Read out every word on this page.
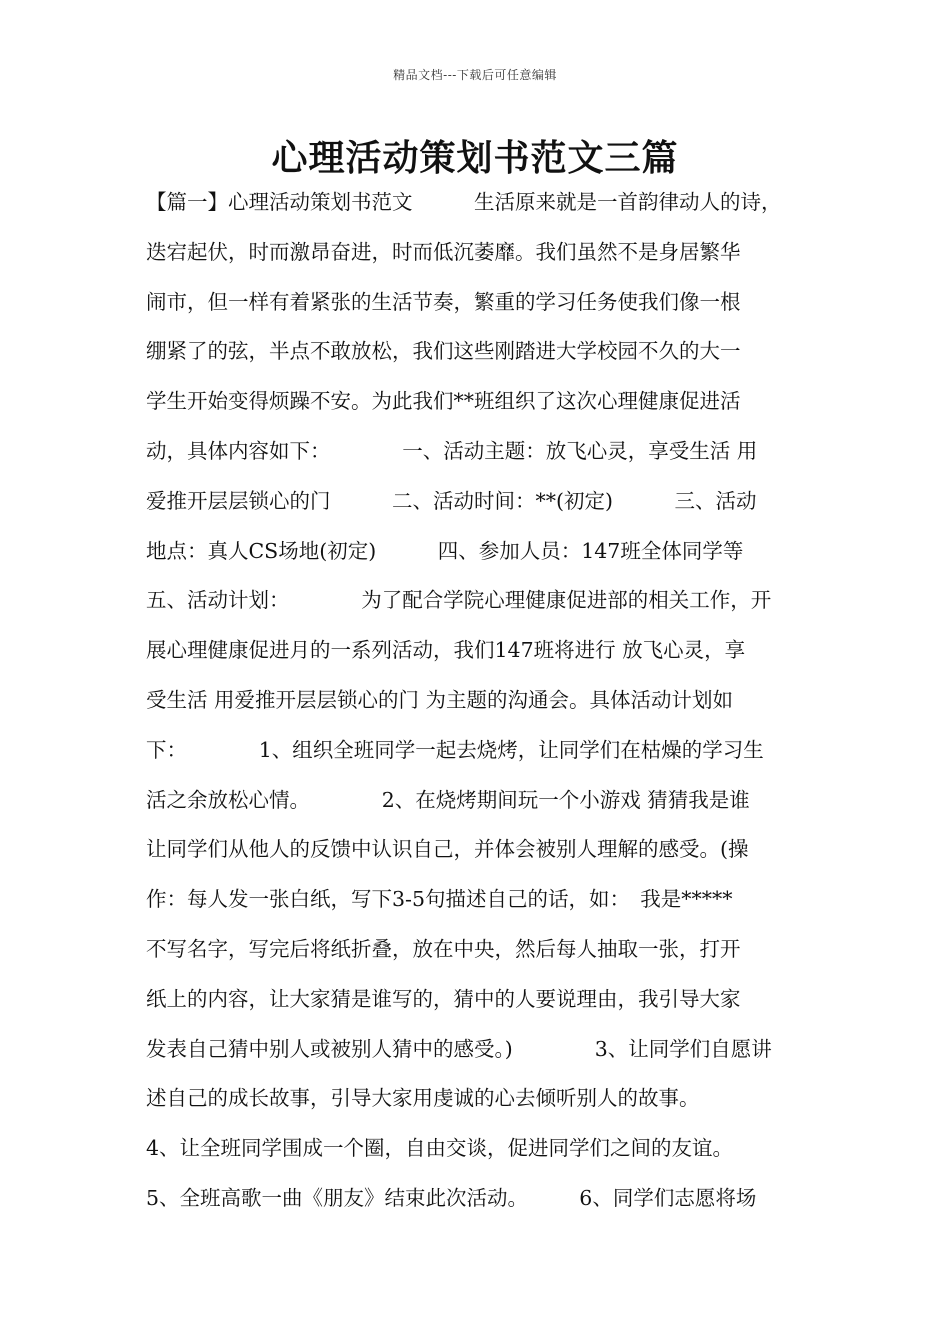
精品文档---下载后可任意编辑
心理活动策划书范文三篇
【篇一】心理活动策划书范文　　　生活原来就是一首韵律动人的诗，
迭宕起伏，时而激昂奋进，时而低沉萎靡。我们虽然不是身居繁华
闹市，但一样有着紧张的生活节奏，繁重的学习任务使我们像一根
绷紧了的弦，半点不敢放松，我们这些刚踏进大学校园不久的大一
学生开始变得烦躁不安。为此我们**班组织了这次心理健康促进活
动，具体内容如下：　　　　一、活动主题：放飞心灵，享受生活 用
爱推开层层锁心的门　　　二、活动时间：**(初定)　　　三、活动
地点：真人CS场地(初定)　　　四、参加人员：147班全体同学等
五、活动计划：　　　　为了配合学院心理健康促进部的相关工作，开
展心理健康促进月的一系列活动，我们147班将进行 放飞心灵，享
受生活 用爱推开层层锁心的门 为主题的沟通会。具体活动计划如
下：　　　　1、组织全班同学一起去烧烤，让同学们在枯燥的学习生
活之余放松心情。　　　　2、在烧烤期间玩一个小游戏 猜猜我是谁
让同学们从他人的反馈中认识自己，并体会被别人理解的感受。(操
作：每人发一张白纸，写下3-5句描述自己的话，如：　我是*****
不写名字，写完后将纸折叠，放在中央，然后每人抽取一张，打开
纸上的内容，让大家猜是谁写的，猜中的人要说理由，我引导大家
发表自己猜中别人或被别人猜中的感受。)　　　　3、让同学们自愿讲
述自己的成长故事，引导大家用虔诚的心去倾听别人的故事。
4、让全班同学围成一个圈，自由交谈，促进同学们之间的友谊。
5、全班高歌一曲《朋友》结束此次活动。　　　6、同学们志愿将场
